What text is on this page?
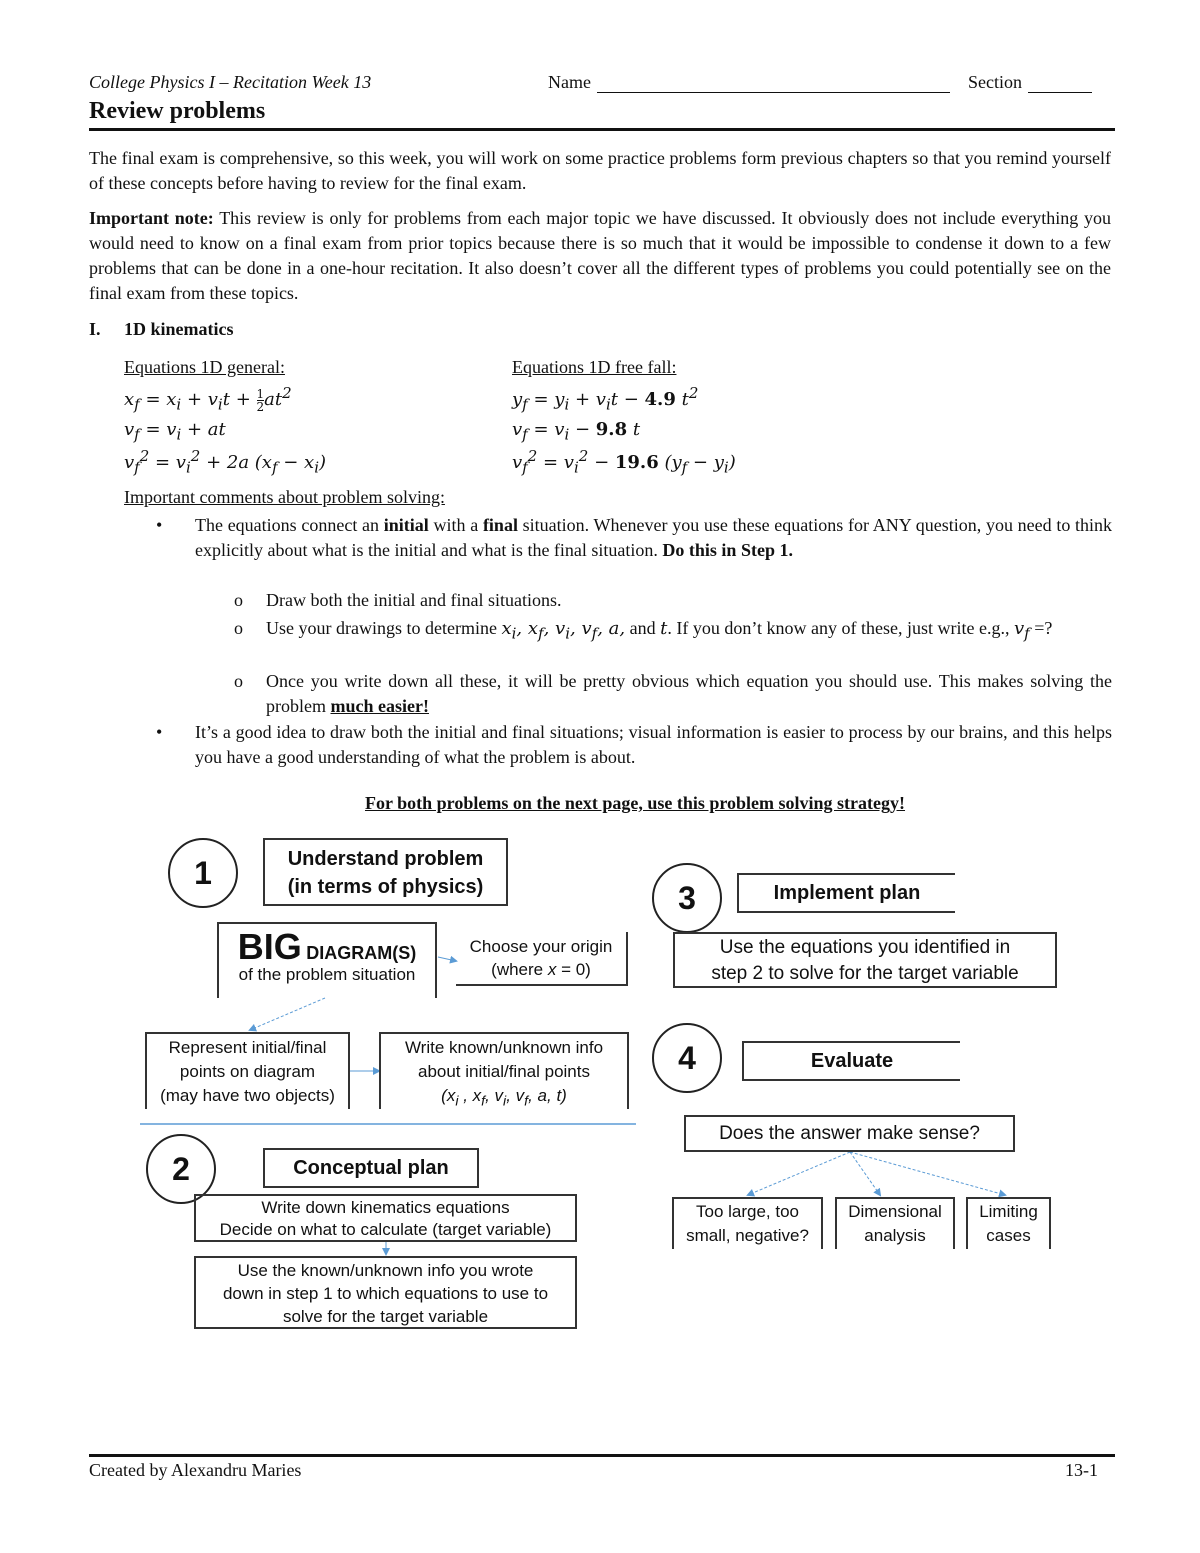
College Physics I – Recitation Week 13	Name	Section
Review problems
The final exam is comprehensive, so this week, you will work on some practice problems form previous chapters so that you remind yourself of these concepts before having to review for the final exam.
Important note: This review is only for problems from each major topic we have discussed. It obviously does not include everything you would need to know on a final exam from prior topics because there is so much that it would be impossible to condense it down to a few problems that can be done in a one-hour recitation. It also doesn’t cover all the different types of problems you could potentially see on the final exam from these topics.
I. 1D kinematics
Equations 1D general:	Equations 1D free fall:
$x_f = x_i + v_it + \frac{1}{2} at^2$
$v_f = v_i$ + at
$v_f^2 = v_i^2 + 2a$ $(x_f - x_i)$
$y_f = y_i + v_it - 4.9$ $t^2$
$v_f = v_i - 9.8$ t
$v_f^2 = v_i^2 - 19.6$ $(y_f - y_i)$
Important comments about problem solving:
• The equations connect an initial with a final situation. Whenever you use these equations for ANY question, you need to think explicitly about what is the initial and what is the final situation. Do this in Step 1.
o Draw both the initial and final situations.
o Use your drawings to determine $x_i$, $x_f$, $v_i$, $v_f$, a, and t. If you don’t know any of these, just write e.g., $v_f$ =?
o Once you write down all these, it will be pretty obvious which equation you should use. This makes solving the problem much easier!
• It’s a good idea to draw both the initial and final situations; visual information is easier to process by our brains, and this helps you have a good understanding of what the problem is about.
For both problems on the next page, use this problem solving strategy!
1	Understand problem
(in terms of physics)
BIG DIAGRAM(S)
of the problem situation
Choose your origin
(where x = 0)
Represent initial/final
points on diagram
(may have two objects)
Write known/unknown info
about initial/final points
($x_i$ , $x_f$, $v_i$, $v_f$, a, t)
2	Conceptual plan
Write down kinematics equations
Decide on what to calculate (target variable)
Use the known/unknown info you wrote
down in step 1 to which equations to use to
solve for the target variable
3	Implement plan
Use the equations you identified in
step 2 to solve for the target variable
4	Evaluate
Does the answer make sense?
Too large, too
small, negative?
Dimensional
analysis
Limiting
cases
Created by Alexandru Maries	13-1
